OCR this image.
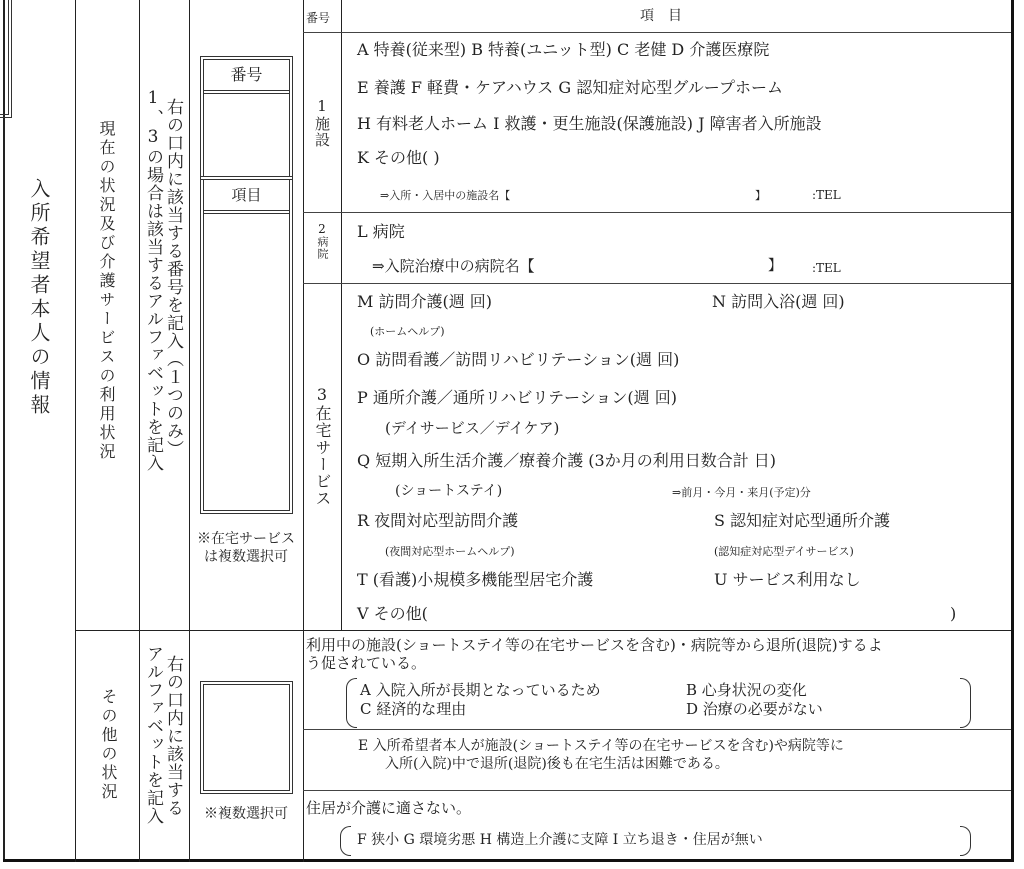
入所希望者本人の情報	現在の状況及び介護サービスの利用状況	右の口内に該当する番号を記入（１つのみ）
1、3の場合は該当するアルファベットを記入
番号
項目
※在宅サービスは複数選択可
番号	項　目
1
施設
A 特養(従来型) B 特養(ユニット型) C 老健 D 介護医療院
E 養護 F 軽費・ケアハウス G 認知症対応型グループホーム
H 有料老人ホーム I 救護・更生施設(保護施設) J 障害者入所施設
K その他( )
⇒入所・入居中の施設名【	】	:TEL
2
病院
L 病院
⇒入院治療中の病院名【	】	:TEL
3
在宅サービス
M 訪問介護(週 回)
(ホームヘルプ)
N 訪問入浴(週 回)
O 訪問看護／訪問リハビリテーション(週 回)
P 通所介護／通所リハビリテーション(週 回)
(デイサービス／デイケア)
Q 短期入所生活介護／療養介護 (3か月の利用日数合計 日)
(ショートステイ)	⇒前月・今月・来月(予定)分
R 夜間対応型訪問介護
(夜間対応型ホームヘルプ)
S 認知症対応型通所介護
(認知症対応型デイサービス)
T (看護)小規模多機能型居宅介護	U サービス利用なし
V その他(	)
その他の状況	右の口内に該当する
アルファベットを記入	※複数選択可
利用中の施設(ショートステイ等の在宅サービスを含む)・病院等から退所(退院)するよ
う促されている。
A 入院入所が長期となっているため	B 心身状況の変化
C 経済的な理由	D 治療の必要がない
E 入所希望者本人が施設(ショートステイ等の在宅サービスを含む)や病院等に
入所(入院)中で退所(退院)後も在宅生活は困難である。
住居が介護に適さない。
F 狭小 G 環境劣悪 H 構造上介護に支障 I 立ち退き・住居が無い
